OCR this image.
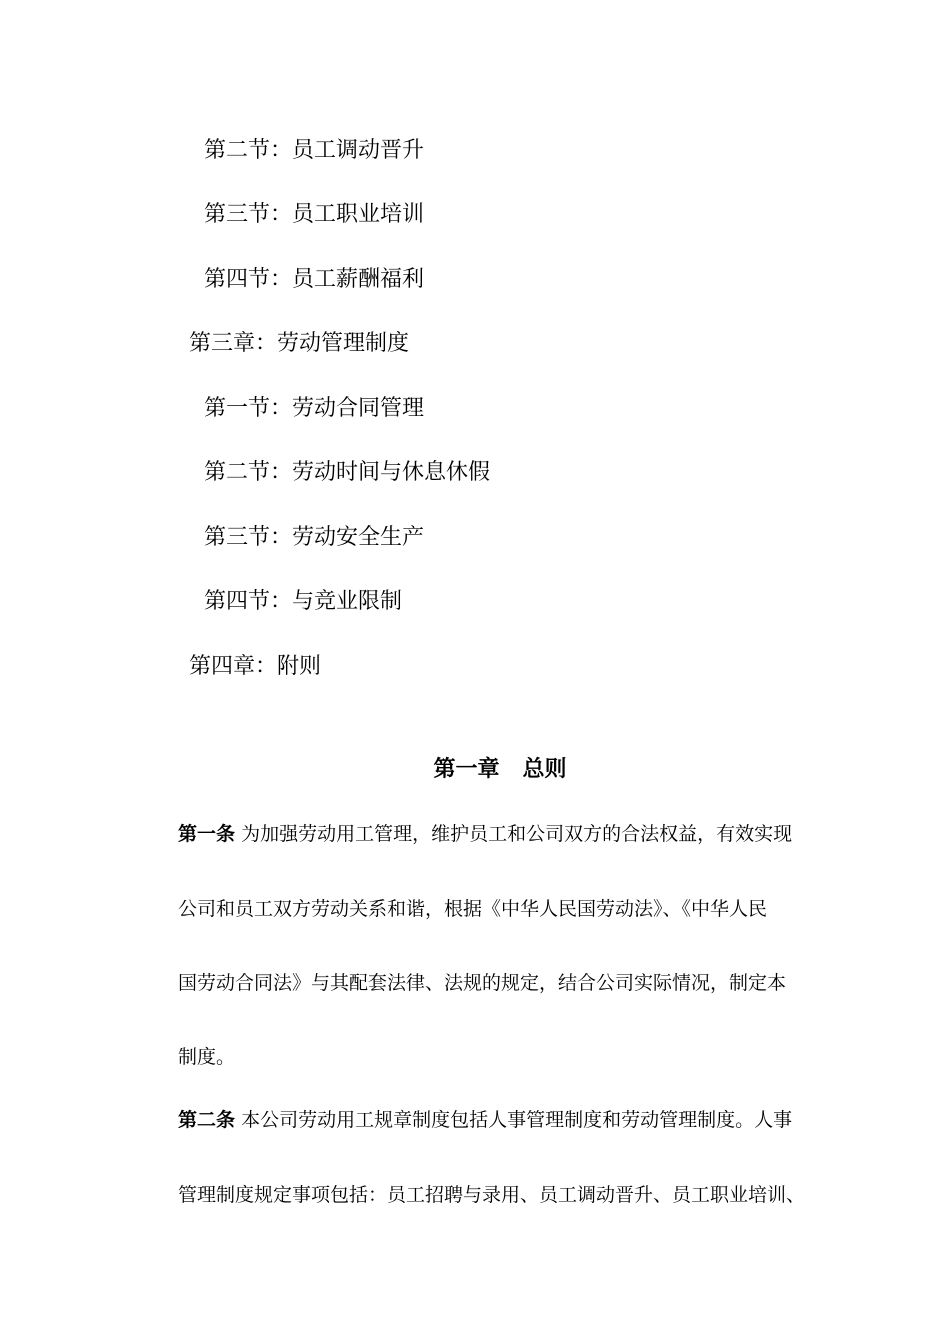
第二节：员工调动晋升
第三节：员工职业培训
第四节：员工薪酬福利
第三章：劳动管理制度
第一节：劳动合同管理
第二节：劳动时间与休息休假
第三节：劳动安全生产
第四节：与竞业限制
第四章：附则
第一章   总则
第一条 为加强劳动用工管理，维护员工和公司双方的合法权益，有效实现
公司和员工双方劳动关系和谐，根据《中华人民国劳动法》、《中华人民
国劳动合同法》与其配套法律、法规的规定，结合公司实际情况，制定本
制度。
第二条 本公司劳动用工规章制度包括人事管理制度和劳动管理制度。人事
管理制度规定事项包括：员工招聘与录用、员工调动晋升、员工职业培训、
